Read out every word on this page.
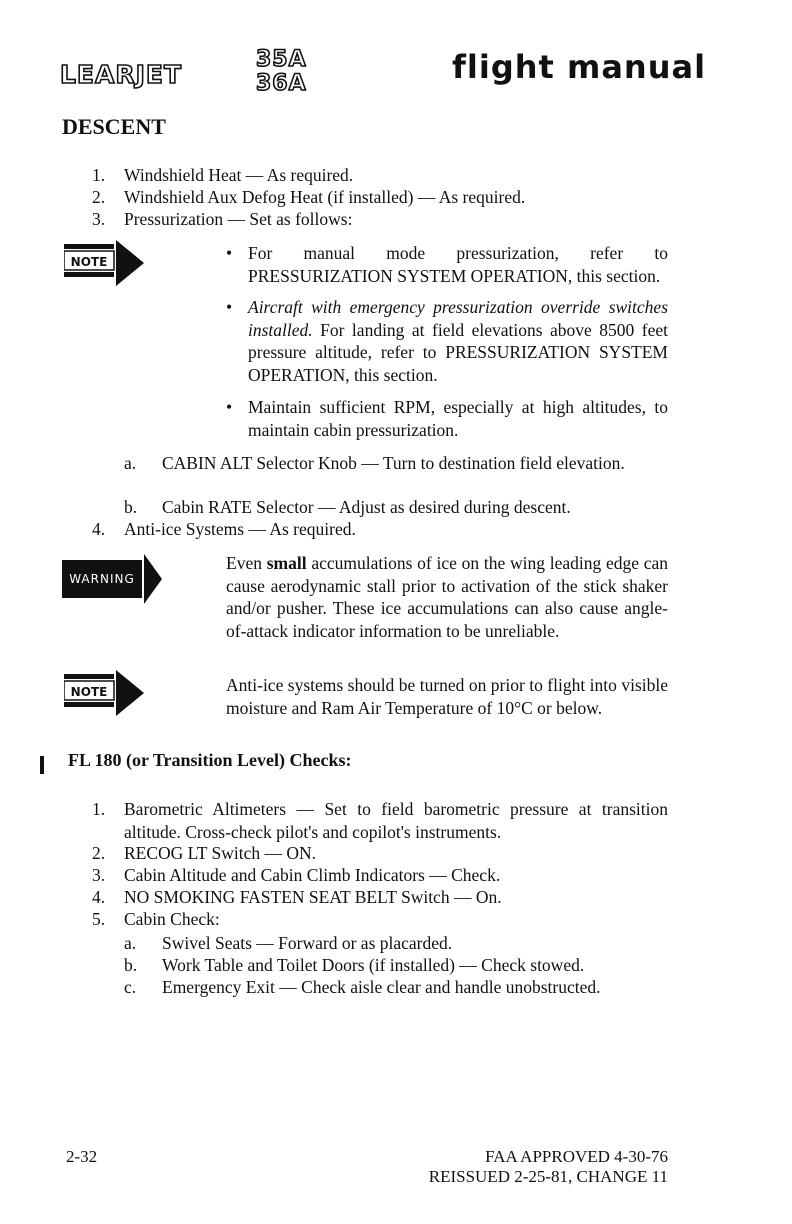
LEARJET
35A
36A	flight manual
DESCENT
1. Windshield Heat — As required.
2. Windshield Aux Defog Heat (if installed) — As required.
3. Pressurization — Set as follows:
NOTE	• For manual mode pressurization, refer to PRESSURIZATION SYSTEM OPERATION, this section.
• Aircraft with emergency pressurization override switches installed. For landing at field elevations above 8500 feet pressure altitude, refer to PRESSURIZATION SYSTEM OPERATION, this section.
• Maintain sufficient RPM, especially at high altitudes, to maintain cabin pressurization.
a. CABIN ALT Selector Knob — Turn to destination field elevation.
b. Cabin RATE Selector — Adjust as desired during descent.
4. Anti-ice Systems — As required.
WARNING
Even small accumulations of ice on the wing leading edge can cause aerodynamic stall prior to activation of the stick shaker and/or pusher. These ice accumulations can also cause angle-of-attack indicator information to be unreliable.
NOTE	Anti-ice systems should be turned on prior to flight into visible moisture and Ram Air Temperature of 10°C or below.
FL 180 (or Transition Level) Checks:
1. Barometric Altimeters — Set to field barometric pressure at transition altitude. Cross-check pilot's and copilot's instruments.
2. RECOG LT Switch — ON.
3. Cabin Altitude and Cabin Climb Indicators — Check.
4. NO SMOKING FASTEN SEAT BELT Switch — On.
5. Cabin Check:
a. Swivel Seats — Forward or as placarded.
b. Work Table and Toilet Doors (if installed) — Check stowed.
c. Emergency Exit — Check aisle clear and handle unobstructed.
2-32	FAA APPROVED 4-30-76
REISSUED 2-25-81, CHANGE 11
